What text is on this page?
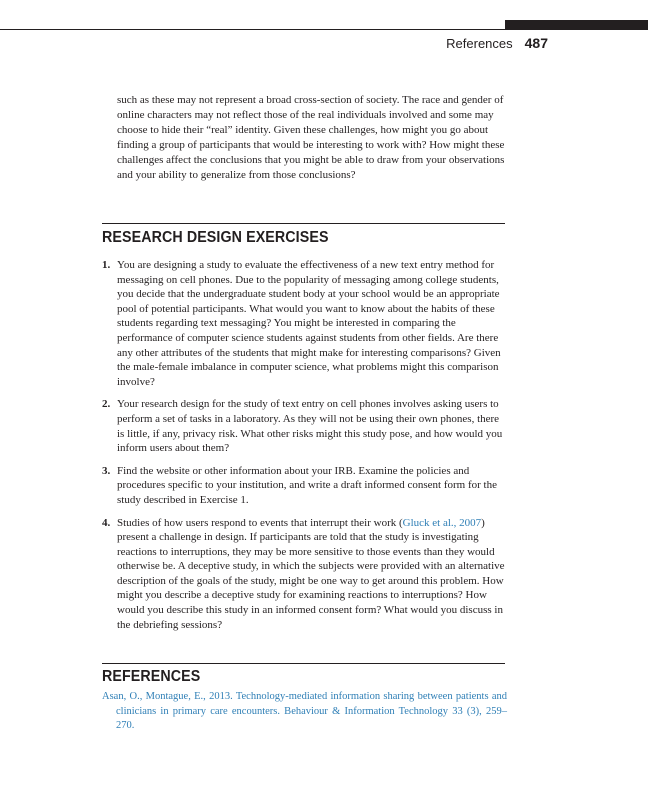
References 487

such as these may not represent a broad cross-section of society. The race and gender of online characters may not reflect those of the real individuals involved and some may choose to hide their “real” identity. Given these challenges, how might you go about finding a group of participants that would be interesting to work with? How might these challenges affect the conclusions that you might be able to draw from your observations and your ability to generalize from those conclusions?

RESEARCH DESIGN EXERCISES
1. You are designing a study to evaluate the effectiveness of a new text entry method for messaging on cell phones. Due to the popularity of messaging among college students, you decide that the undergraduate student body at your school would be an appropriate pool of potential participants. What would you want to know about the habits of these students regarding text messaging? You might be interested in comparing the performance of computer science students against students from other fields. Are there any other attributes of the students that might make for interesting comparisons? Given the male-female imbalance in computer science, what problems might this comparison involve?
2. Your research design for the study of text entry on cell phones involves asking users to perform a set of tasks in a laboratory. As they will not be using their own phones, there is little, if any, privacy risk. What other risks might this study pose, and how would you inform users about them?
3. Find the website or other information about your IRB. Examine the policies and procedures specific to your institution, and write a draft informed consent form for the study described in Exercise 1.
4. Studies of how users respond to events that interrupt their work (Gluck et al., 2007) present a challenge in design. If participants are told that the study is investigating reactions to interruptions, they may be more sensitive to those events than they would otherwise be. A deceptive study, in which the subjects were provided with an alternative description of the goals of the study, might be one way to get around this problem. How might you describe a deceptive study for examining reactions to interruptions? How would you describe this study in an informed consent form? What would you discuss in the debriefing sessions?
REFERENCES
Asan, O., Montague, E., 2013. Technology-mediated information sharing between patients and clinicians in primary care encounters. Behaviour & Information Technology 33 (3), 259–270.
